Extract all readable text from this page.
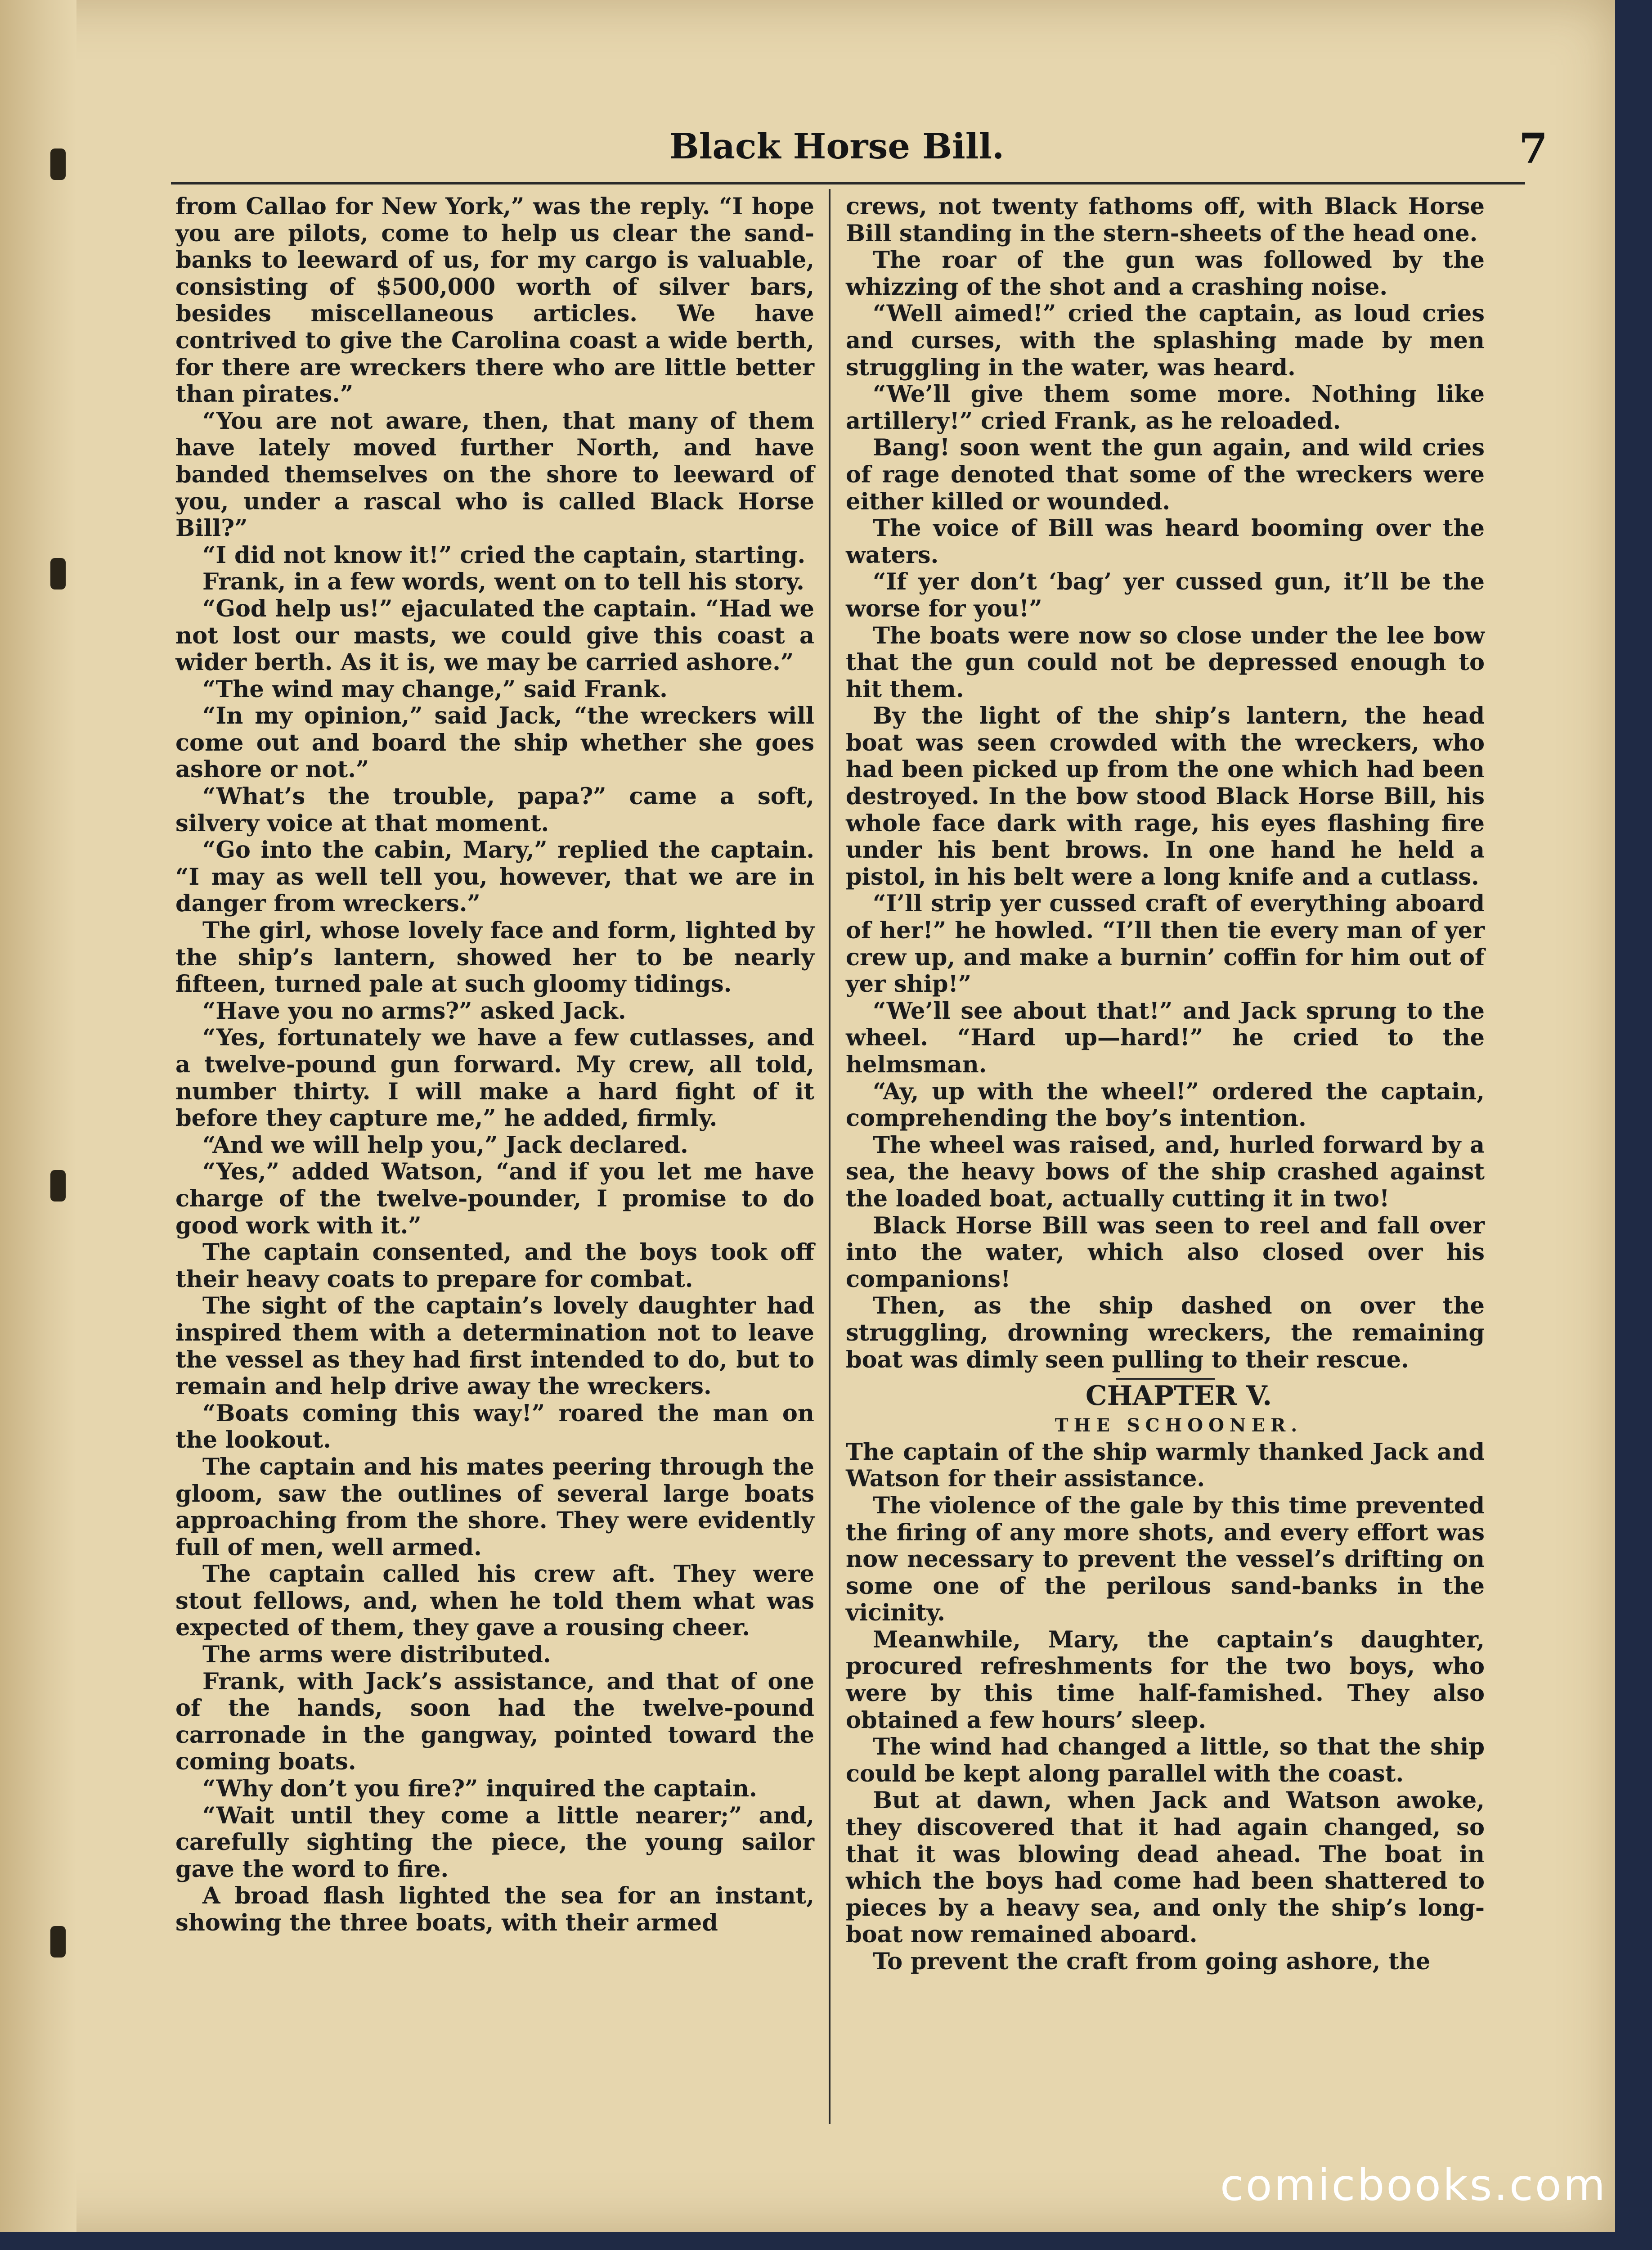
Black Horse Bill.	7

from Callao for New York,” was the reply. “I hope you are pilots, come to help us clear the sand-banks to leeward of us, for my cargo is valuable, consisting of $500,000 worth of silver bars, besides miscellaneous articles. We have contrived to give the Carolina coast a wide berth, for there are wreckers there who are little better than pirates.”

“You are not aware, then, that many of them have lately moved further North, and have banded themselves on the shore to leeward of you, under a rascal who is called Black Horse Bill?”

“I did not know it!” cried the captain, starting.

Frank, in a few words, went on to tell his story.

“God help us!” ejaculated the captain. “Had we not lost our masts, we could give this coast a wider berth. As it is, we may be carried ashore.”

“The wind may change,” said Frank.

“In my opinion,” said Jack, “the wreckers will come out and board the ship whether she goes ashore or not.”

“What’s the trouble, papa?” came a soft, silvery voice at that moment.

“Go into the cabin, Mary,” replied the captain. “I may as well tell you, however, that we are in danger from wreckers.”

The girl, whose lovely face and form, lighted by the ship’s lantern, showed her to be nearly fifteen, turned pale at such gloomy tidings.

“Have you no arms?” asked Jack.

“Yes, fortunately we have a few cutlasses, and a twelve-pound gun forward. My crew, all told, number thirty. I will make a hard fight of it before they capture me,” he added, firmly.

“And we will help you,” Jack declared.

“Yes,” added Watson, “and if you let me have charge of the twelve-pounder, I promise to do good work with it.”

The captain consented, and the boys took off their heavy coats to prepare for combat.

The sight of the captain’s lovely daughter had inspired them with a determination not to leave the vessel as they had first intended to do, but to remain and help drive away the wreckers.

“Boats coming this way!” roared the man on the lookout.

The captain and his mates peering through the gloom, saw the outlines of several large boats approaching from the shore. They were evidently full of men, well armed.

The captain called his crew aft. They were stout fellows, and, when he told them what was expected of them, they gave a rousing cheer.

The arms were distributed.

Frank, with Jack’s assistance, and that of one of the hands, soon had the twelve-pound carronade in the gangway, pointed toward the coming boats.

“Why don’t you fire?” inquired the captain.

“Wait until they come a little nearer;” and, carefully sighting the piece, the young sailor gave the word to fire.

A broad flash lighted the sea for an instant, showing the three boats, with their armed

crews, not twenty fathoms off, with Black Horse Bill standing in the stern-sheets of the head one.

The roar of the gun was followed by the whizzing of the shot and a crashing noise.

“Well aimed!” cried the captain, as loud cries and curses, with the splashing made by men struggling in the water, was heard.

“We’ll give them some more. Nothing like artillery!” cried Frank, as he reloaded.

Bang! soon went the gun again, and wild cries of rage denoted that some of the wreckers were either killed or wounded.

The voice of Bill was heard booming over the waters.

“If yer don’t ‘bag’ yer cussed gun, it’ll be the worse for you!”

The boats were now so close under the lee bow that the gun could not be depressed enough to hit them.

By the light of the ship’s lantern, the head boat was seen crowded with the wreckers, who had been picked up from the one which had been destroyed. In the bow stood Black Horse Bill, his whole face dark with rage, his eyes flashing fire under his bent brows. In one hand he held a pistol, in his belt were a long knife and a cutlass.

“I’ll strip yer cussed craft of everything aboard of her!” he howled. “I’ll then tie every man of yer crew up, and make a burnin’ coffin for him out of yer ship!”

“We’ll see about that!” and Jack sprung to the wheel. “Hard up—hard!” he cried to the helmsman.

“Ay, up with the wheel!” ordered the captain, comprehending the boy’s intention.

The wheel was raised, and, hurled forward by a sea, the heavy bows of the ship crashed against the loaded boat, actually cutting it in two!

Black Horse Bill was seen to reel and fall over into the water, which also closed over his companions!

Then, as the ship dashed on over the struggling, drowning wreckers, the remaining boat was dimly seen pulling to their rescue.

CHAPTER V.

THE SCHOONER.

The captain of the ship warmly thanked Jack and Watson for their assistance.

The violence of the gale by this time prevented the firing of any more shots, and every effort was now necessary to prevent the vessel’s drifting on some one of the perilous sand-banks in the vicinity.

Meanwhile, Mary, the captain’s daughter, procured refreshments for the two boys, who were by this time half-famished. They also obtained a few hours’ sleep.

The wind had changed a little, so that the ship could be kept along parallel with the coast.

But at dawn, when Jack and Watson awoke, they discovered that it had again changed, so that it was blowing dead ahead. The boat in which the boys had come had been shattered to pieces by a heavy sea, and only the ship’s long-boat now remained aboard.

To prevent the craft from going ashore, the

comicbooks.com
